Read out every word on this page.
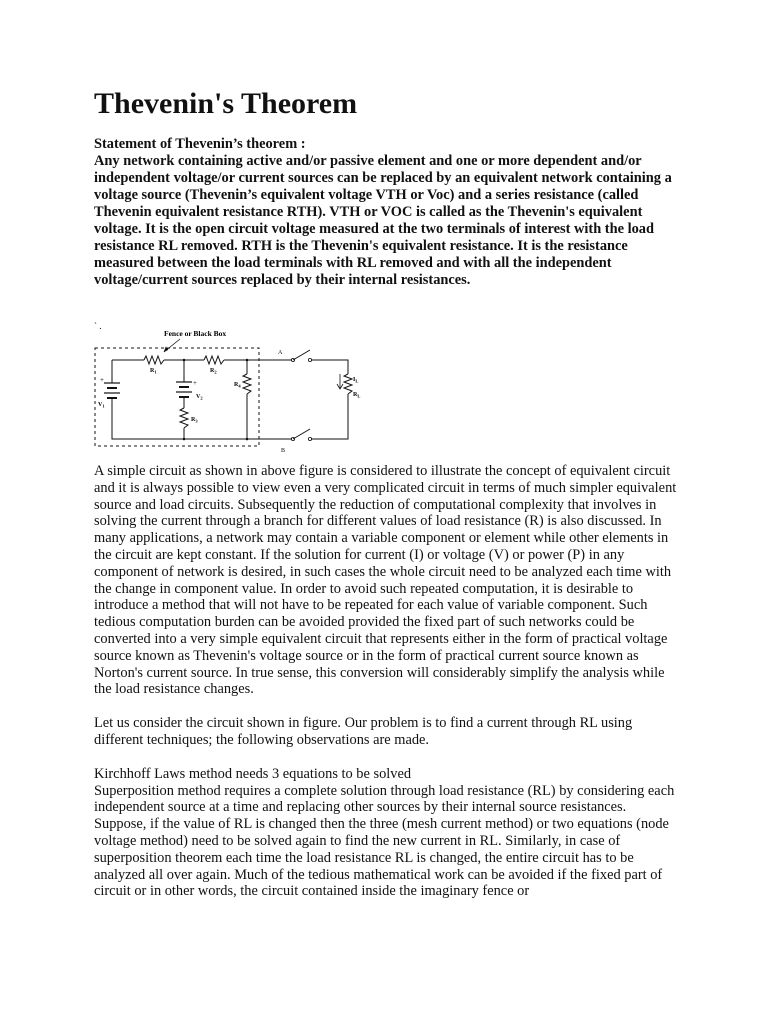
Thevenin's Theorem

Statement of Thevenin’s theorem :

Any network containing active and/or passive element and one or more dependent and/or independent voltage/or current sources can be replaced by an equivalent network containing a voltage source (Thevenin’s equivalent voltage VTH or Voc) and a series resistance (called Thevenin equivalent resistance RTH). VTH or VOC is called as the Thevenin's equivalent voltage. It is the open circuit voltage measured at the two terminals of interest with the load resistance RL removed. RTH is the Thevenin's equivalent resistance. It is the resistance measured between the load terminals with RL removed and with all the independent voltage/current sources replaced by their internal resistances.

` .
Fence or Black Box
$R_1$	$R_2$
$R_4$
$R_3$
+
$V_1$
+
$V_2$
A
$I_L$
$R_L$
B

A simple circuit as shown in above figure is considered to illustrate the concept of equivalent circuit and it is always possible to view even a very complicated circuit in terms of much simpler equivalent source and load circuits. Subsequently the reduction of computational complexity that involves in solving the current through a branch for different values of load resistance (R) is also discussed. In many applications, a network may contain a variable component or element while other elements in the circuit are kept constant. If the solution for current (I) or voltage (V) or power (P) in any component of network is desired, in such cases the whole circuit need to be analyzed each time with the change in component value. In order to avoid such repeated computation, it is desirable to introduce a method that will not have to be repeated for each value of variable component. Such tedious computation burden can be avoided provided the fixed part of such networks could be converted into a very simple equivalent circuit that represents either in the form of practical voltage source known as Thevenin's voltage source or in the form of practical current source known as Norton's current source. In true sense, this conversion will considerably simplify the analysis while the load resistance changes.

Let us consider the circuit shown in figure. Our problem is to find a current through RL using different techniques; the following observations are made.

Kirchhoff Laws method needs 3 equations to be solved

Superposition method requires a complete solution through load resistance (RL) by considering each independent source at a time and replacing other sources by their internal source resistances.

Suppose, if the value of RL is changed then the three (mesh current method) or two equations (node voltage method) need to be solved again to find the new current in RL. Similarly, in case of superposition theorem each time the load resistance RL is changed, the entire circuit has to be analyzed all over again. Much of the tedious mathematical work can be avoided if the fixed part of circuit or in other words, the circuit contained inside the imaginary fence or
